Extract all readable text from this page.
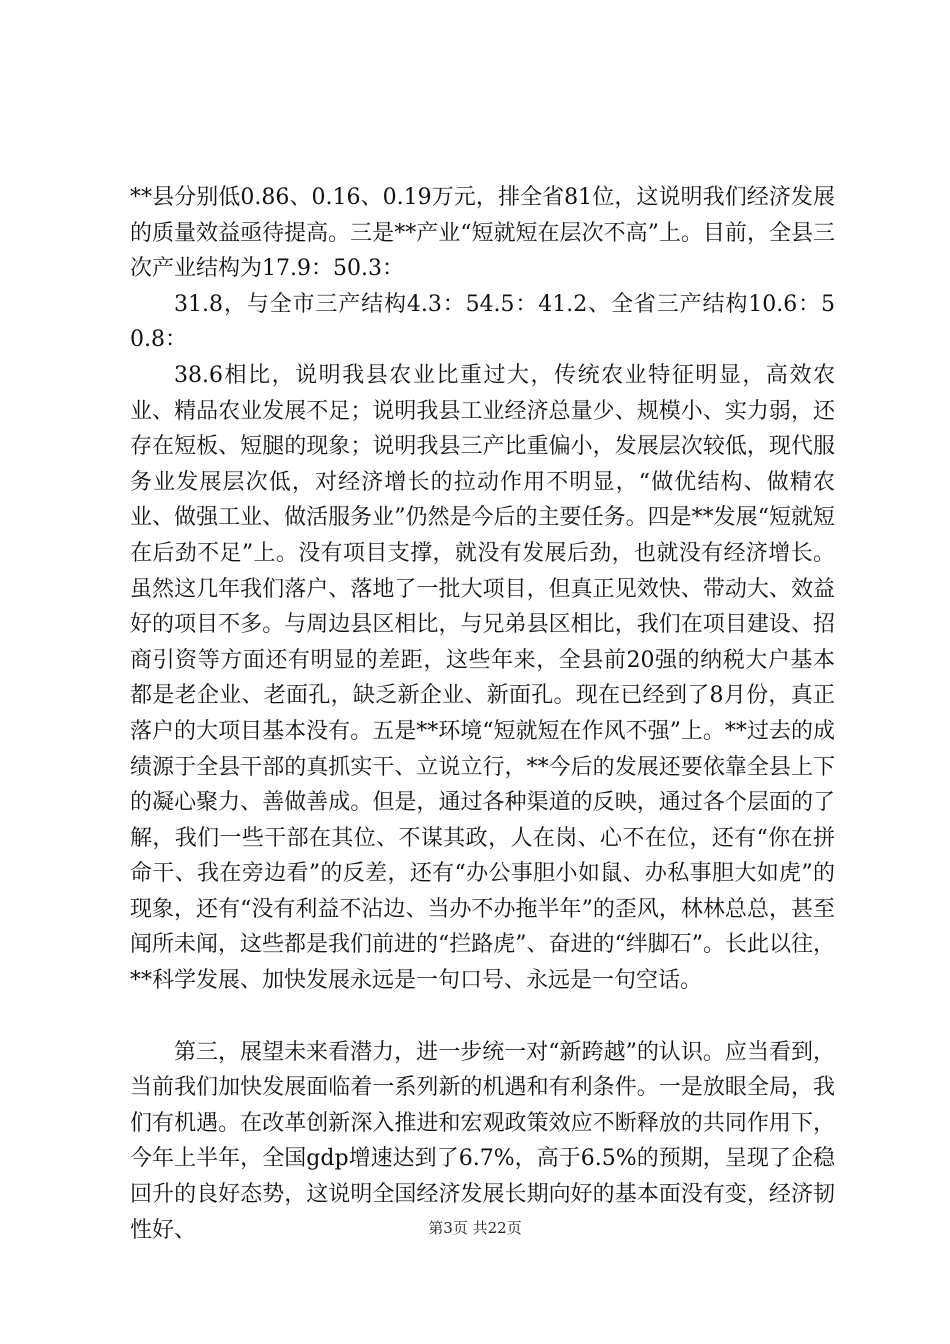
**县分别低0.86、0.16、0.19万元，排全省81位，这说明我们经济发展的质量效益亟待提高。三是**产业“短就短在层次不高”上。目前，全县三次产业结构为17.9：50.3：

31.8，与全市三产结构4.3：54.5：41.2、全省三产结构10.6：50.8：

38.6相比，说明我县农业比重过大，传统农业特征明显，高效农业、精品农业发展不足；说明我县工业经济总量少、规模小、实力弱，还存在短板、短腿的现象；说明我县三产比重偏小，发展层次较低，现代服务业发展层次低，对经济增长的拉动作用不明显，“做优结构、做精农业、做强工业、做活服务业”仍然是今后的主要任务。四是**发展“短就短在后劲不足”上。没有项目支撑，就没有发展后劲，也就没有经济增长。虽然这几年我们落户、落地了一批大项目，但真正见效快、带动大、效益好的项目不多。与周边县区相比，与兄弟县区相比，我们在项目建设、招商引资等方面还有明显的差距，这些年来，全县前20强的纳税大户基本都是老企业、老面孔，缺乏新企业、新面孔。现在已经到了8月份，真正落户的大项目基本没有。五是**环境“短就短在作风不强”上。**过去的成绩源于全县干部的真抓实干、立说立行，**今后的发展还要依靠全县上下的凝心聚力、善做善成。但是，通过各种渠道的反映，通过各个层面的了解，我们一些干部在其位、不谋其政，人在岗、心不在位，还有“你在拼命干、我在旁边看”的反差，还有“办公事胆小如鼠、办私事胆大如虎”的现象，还有“没有利益不沾边、当办不办拖半年”的歪风，林林总总，甚至闻所未闻，这些都是我们前进的“拦路虎”、奋进的“绊脚石”。长此以往，**科学发展、加快发展永远是一句口号、永远是一句空话。

第三，展望未来看潜力，进一步统一对“新跨越”的认识。应当看到，当前我们加快发展面临着一系列新的机遇和有利条件。一是放眼全局，我们有机遇。在改革创新深入推进和宏观政策效应不断释放的共同作用下，今年上半年，全国gdp增速达到了6.7%，高于6.5%的预期，呈现了企稳回升的良好态势，这说明全国经济发展长期向好的基本面没有变，经济韧性好、	第3页 共22页
